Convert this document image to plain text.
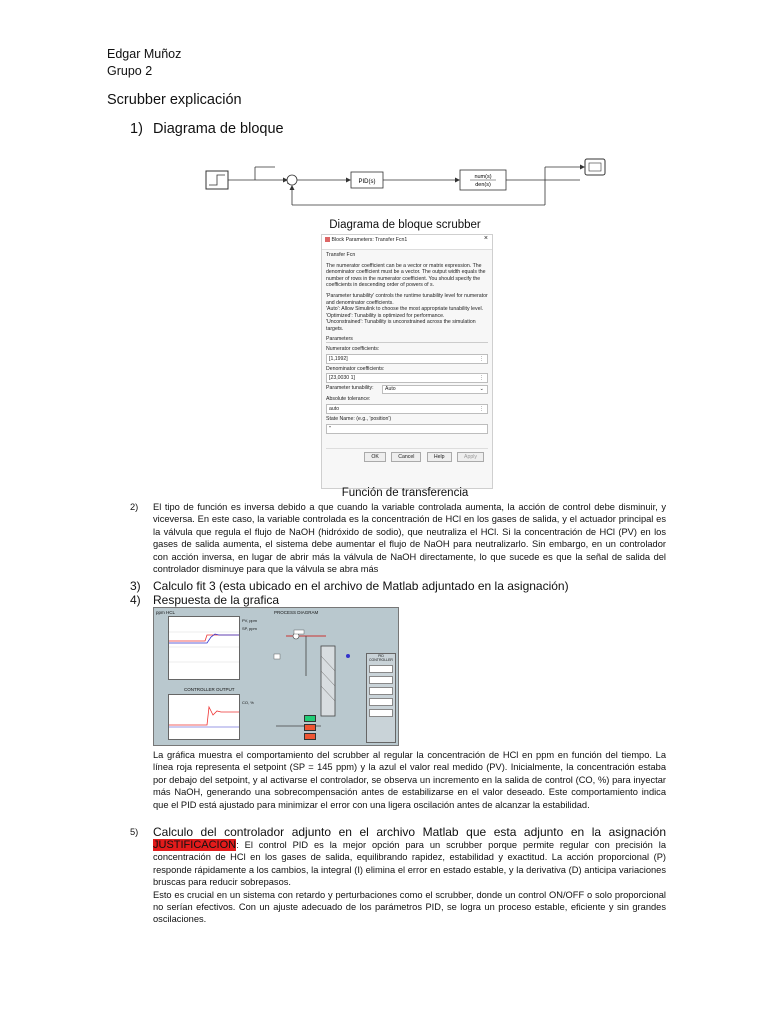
Edgar Muñoz
Grupo 2
Scrubber explicación
1) Diagrama de bloque
-	PID(s)
num(s)
den(s)
Diagrama de bloque scrubber
Block Parameters: Transfer Fcn1	×
Transfer Fcn
The numerator coefficient can be a vector or matrix expression. The denominator coefficient must be a vector. The output width equals the number of rows in the numerator coefficient. You should specify the coefficients in descending order of powers of s.
'Parameter tunability' controls the runtime tunability level for numerator and denominator coefficients.
'Auto': Allow Simulink to choose the most appropriate tunability level.
'Optimized': Tunability is optimized for performance.
'Unconstrained': Tunability is unconstrained across the simulation targets.
Parameters
Numerator coefficients:
[1,1992]	⋮
Denominator coefficients:
[23,0030 1]	⋮
Parameter tunability:	Auto	⌄
Absolute tolerance:
auto	⋮
State Name: (e.g., 'position')
''
OK	Cancel	Help	Apply
Función de transferencia
2) El tipo de función es inversa debido a que cuando la variable controlada aumenta, la acción de control debe disminuir, y viceversa. En este caso, la variable controlada es la concentración de HCl en los gases de salida, y el actuador principal es la válvula que regula el flujo de NaOH (hidróxido de sodio), que neutraliza el HCl. Si la concentración de HCl (PV) en los gases de salida aumenta, el sistema debe aumentar el flujo de NaOH para neutralizarlo. Sin embargo, en un controlador con acción inversa, en lugar de abrir más la válvula de NaOH directamente, lo que sucede es que la señal de salida del controlador disminuye para que la válvula se abra más
3) Calculo fit 3 (esta ubicado en el archivo de Matlab adjuntado en la asignación)
4) Respuesta de la grafica
ppm HCL
PV, ppm
SP, ppm
CONTROLLER OUTPUT
CO, %
PROCESS DIAGRAM
PID CONTROLLER
La gráfica muestra el comportamiento del scrubber al regular la concentración de HCl en ppm en función del tiempo. La línea roja representa el setpoint (SP = 145 ppm) y la azul el valor real medido (PV). Inicialmente, la concentración estaba por debajo del setpoint, y al activarse el controlador, se observa un incremento en la salida de control (CO, %) para inyectar más NaOH, generando una sobrecompensación antes de estabilizarse en el valor deseado. Este comportamiento indica que el PID está ajustado para minimizar el error con una ligera oscilación antes de alcanzar la estabilidad.
5) Calculo del controlador adjunto en el archivo Matlab que esta adjunto en la asignación
JUSTIFICACION: El control PID es la mejor opción para un scrubber porque permite regular con precisión la concentración de HCl en los gases de salida, equilibrando rapidez, estabilidad y exactitud. La acción proporcional (P) responde rápidamente a los cambios, la integral (I) elimina el error en estado estable, y la derivativa (D) anticipa variaciones bruscas para reducir sobrepasos.
Esto es crucial en un sistema con retardo y perturbaciones como el scrubber, donde un control ON/OFF o solo proporcional no serían efectivos. Con un ajuste adecuado de los parámetros PID, se logra un proceso estable, eficiente y sin grandes oscilaciones.
